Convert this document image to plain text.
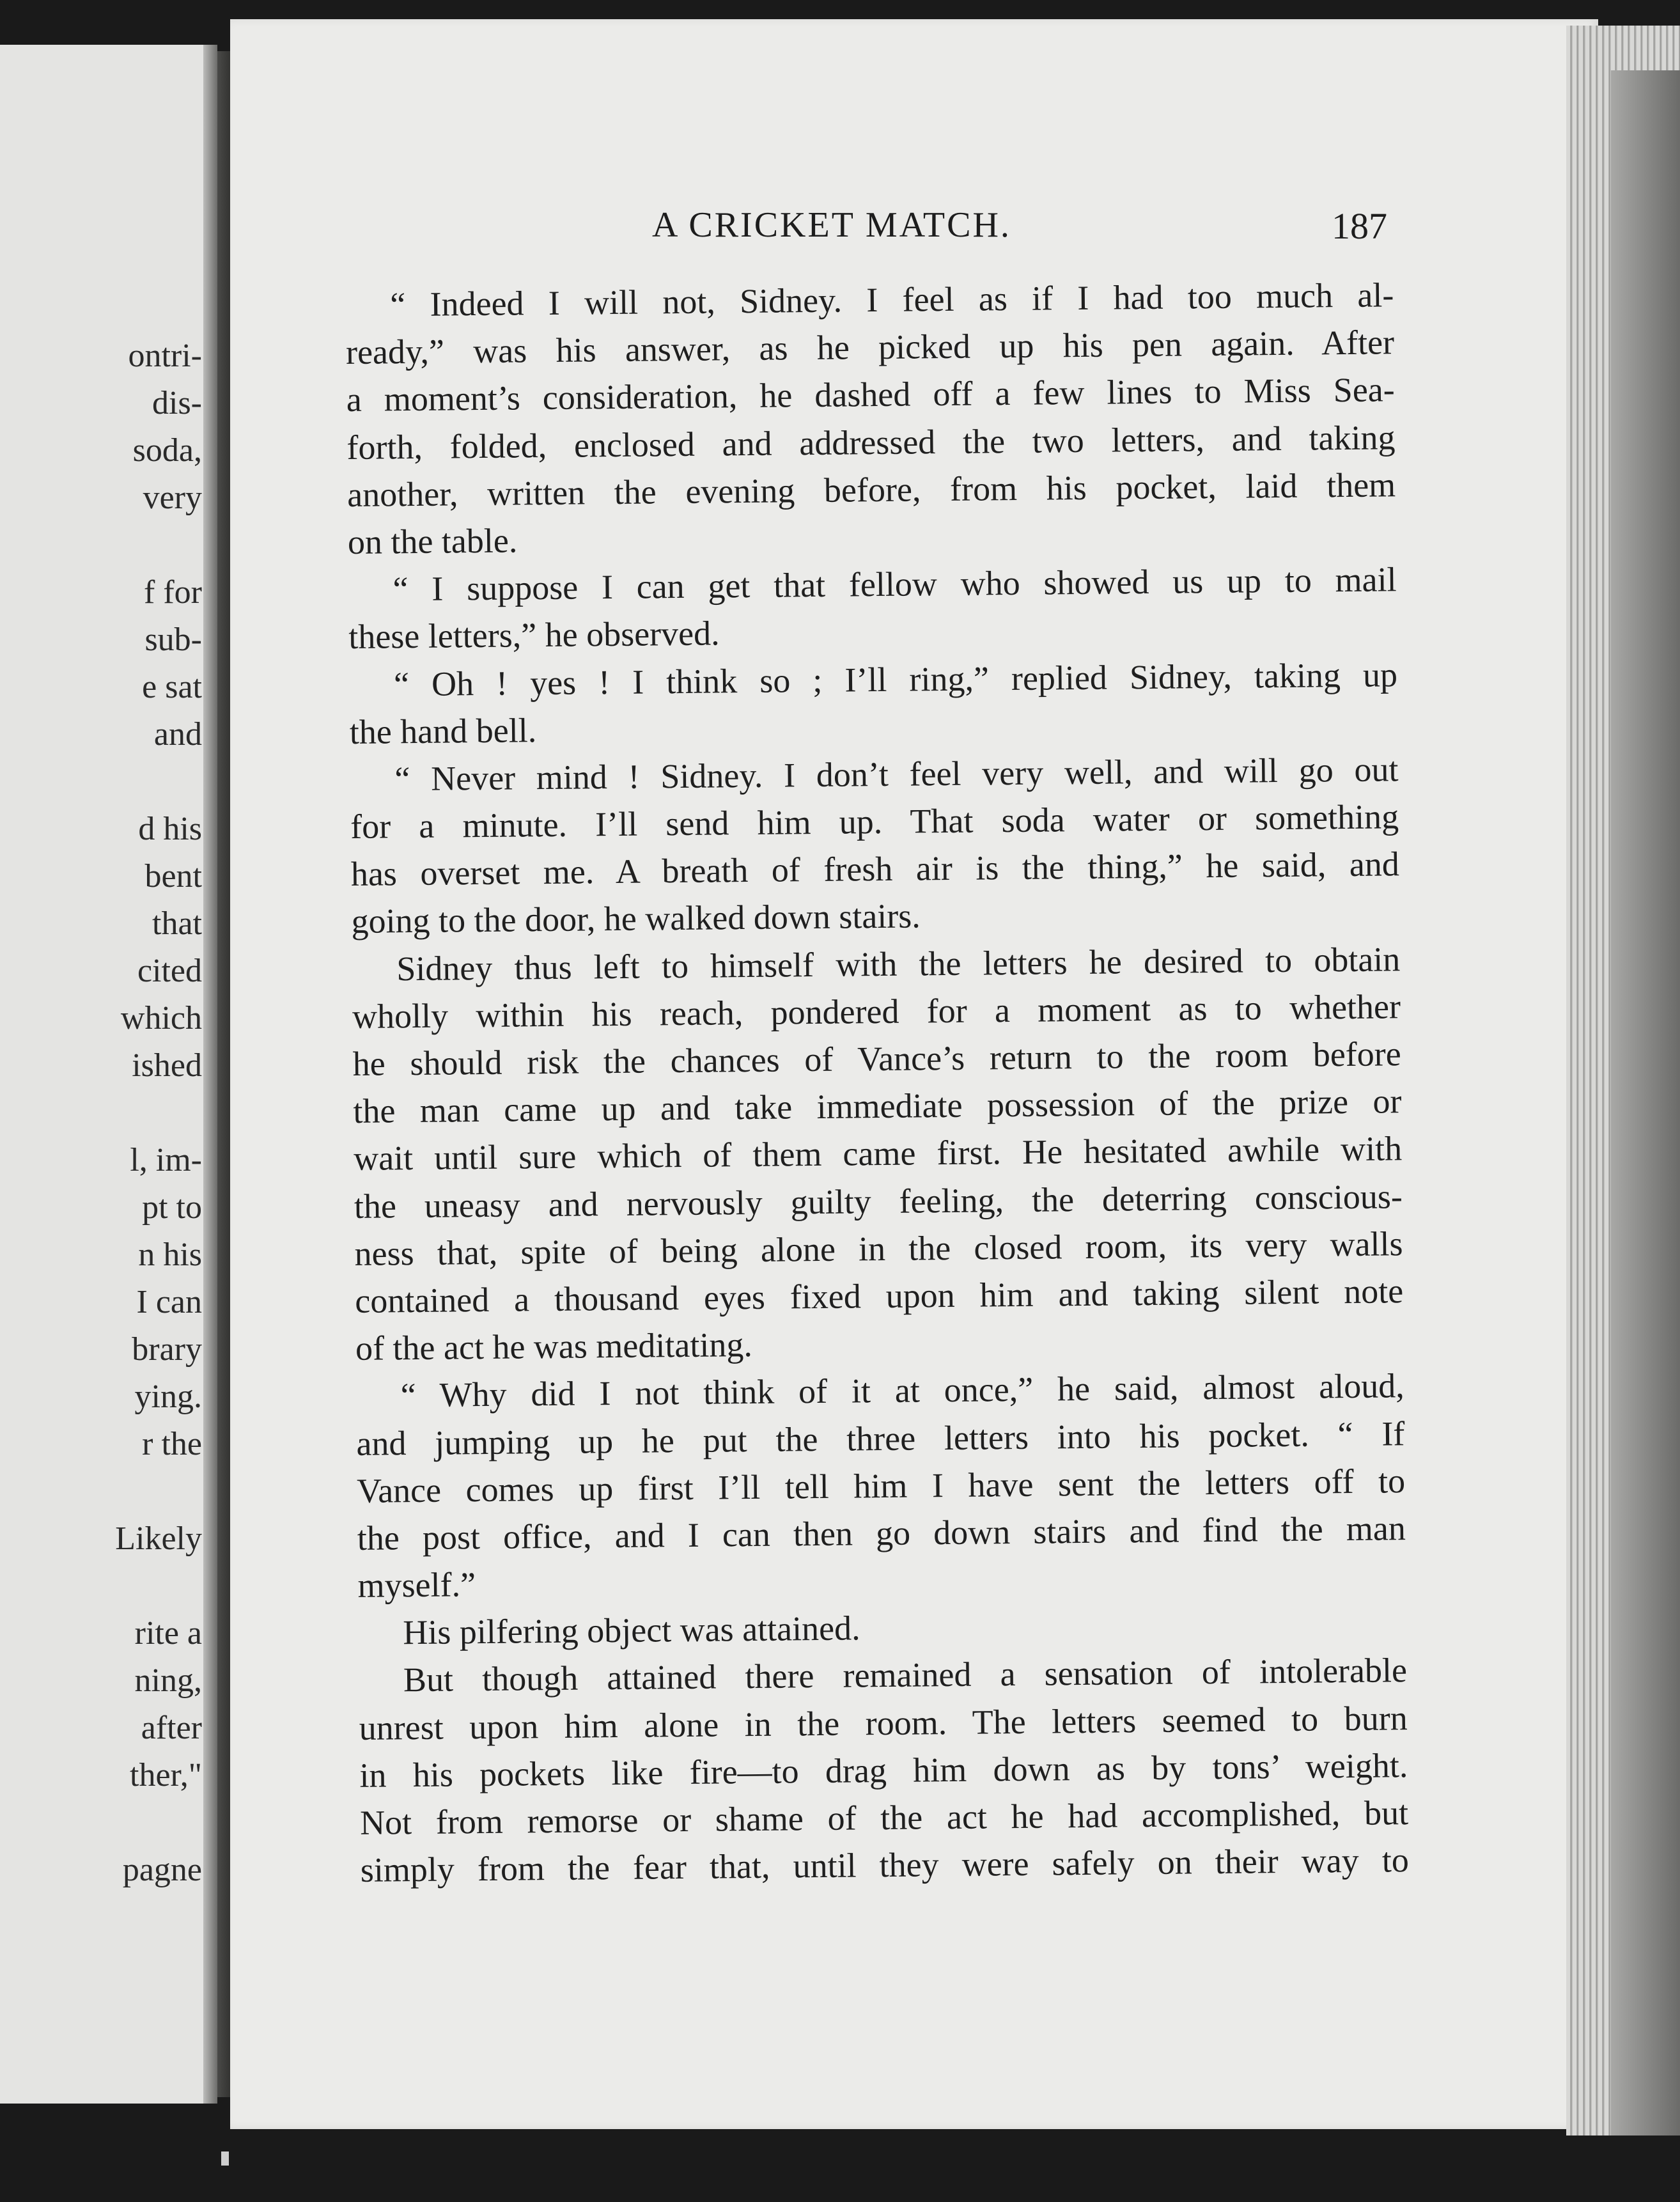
ontri-
dis-
soda,
very
f for
sub-
e sat
and
d his
bent
that
cited
which
ished
l, im-
pt to
n his
I can
brary
ying.
r the
Likely
rite a
ning,
after
ther,"
pagne
A CRICKET MATCH.	187
“ Indeed I will not, Sidney. I feel as if I had too much al-
ready,” was his answer, as he picked up his pen again. After
a moment’s consideration, he dashed off a few lines to Miss Sea-
forth, folded, enclosed and addressed the two letters, and taking
another, written the evening before, from his pocket, laid them
on the table.
“ I suppose I can get that fellow who showed us up to mail
these letters,” he observed.
“ Oh ! yes ! I think so ; I’ll ring,” replied Sidney, taking up
the hand bell.
“ Never mind ! Sidney. I don’t feel very well, and will go out
for a minute. I’ll send him up. That soda water or something
has overset me. A breath of fresh air is the thing,” he said, and
going to the door, he walked down stairs.
Sidney thus left to himself with the letters he desired to obtain
wholly within his reach, pondered for a moment as to whether
he should risk the chances of Vance’s return to the room before
the man came up and take immediate possession of the prize or
wait until sure which of them came first. He hesitated awhile with
the uneasy and nervously guilty feeling, the deterring conscious-
ness that, spite of being alone in the closed room, its very walls
contained a thousand eyes fixed upon him and taking silent note
of the act he was meditating.
“ Why did I not think of it at once,” he said, almost aloud,
and jumping up he put the three letters into his pocket. “ If
Vance comes up first I’ll tell him I have sent the letters off to
the post office, and I can then go down stairs and find the man
myself.”
His pilfering object was attained.
But though attained there remained a sensation of intolerable
unrest upon him alone in the room. The letters seemed to burn
in his pockets like fire—to drag him down as by tons’ weight.
Not from remorse or shame of the act he had accomplished, but
simply from the fear that, until they were safely on their way to
